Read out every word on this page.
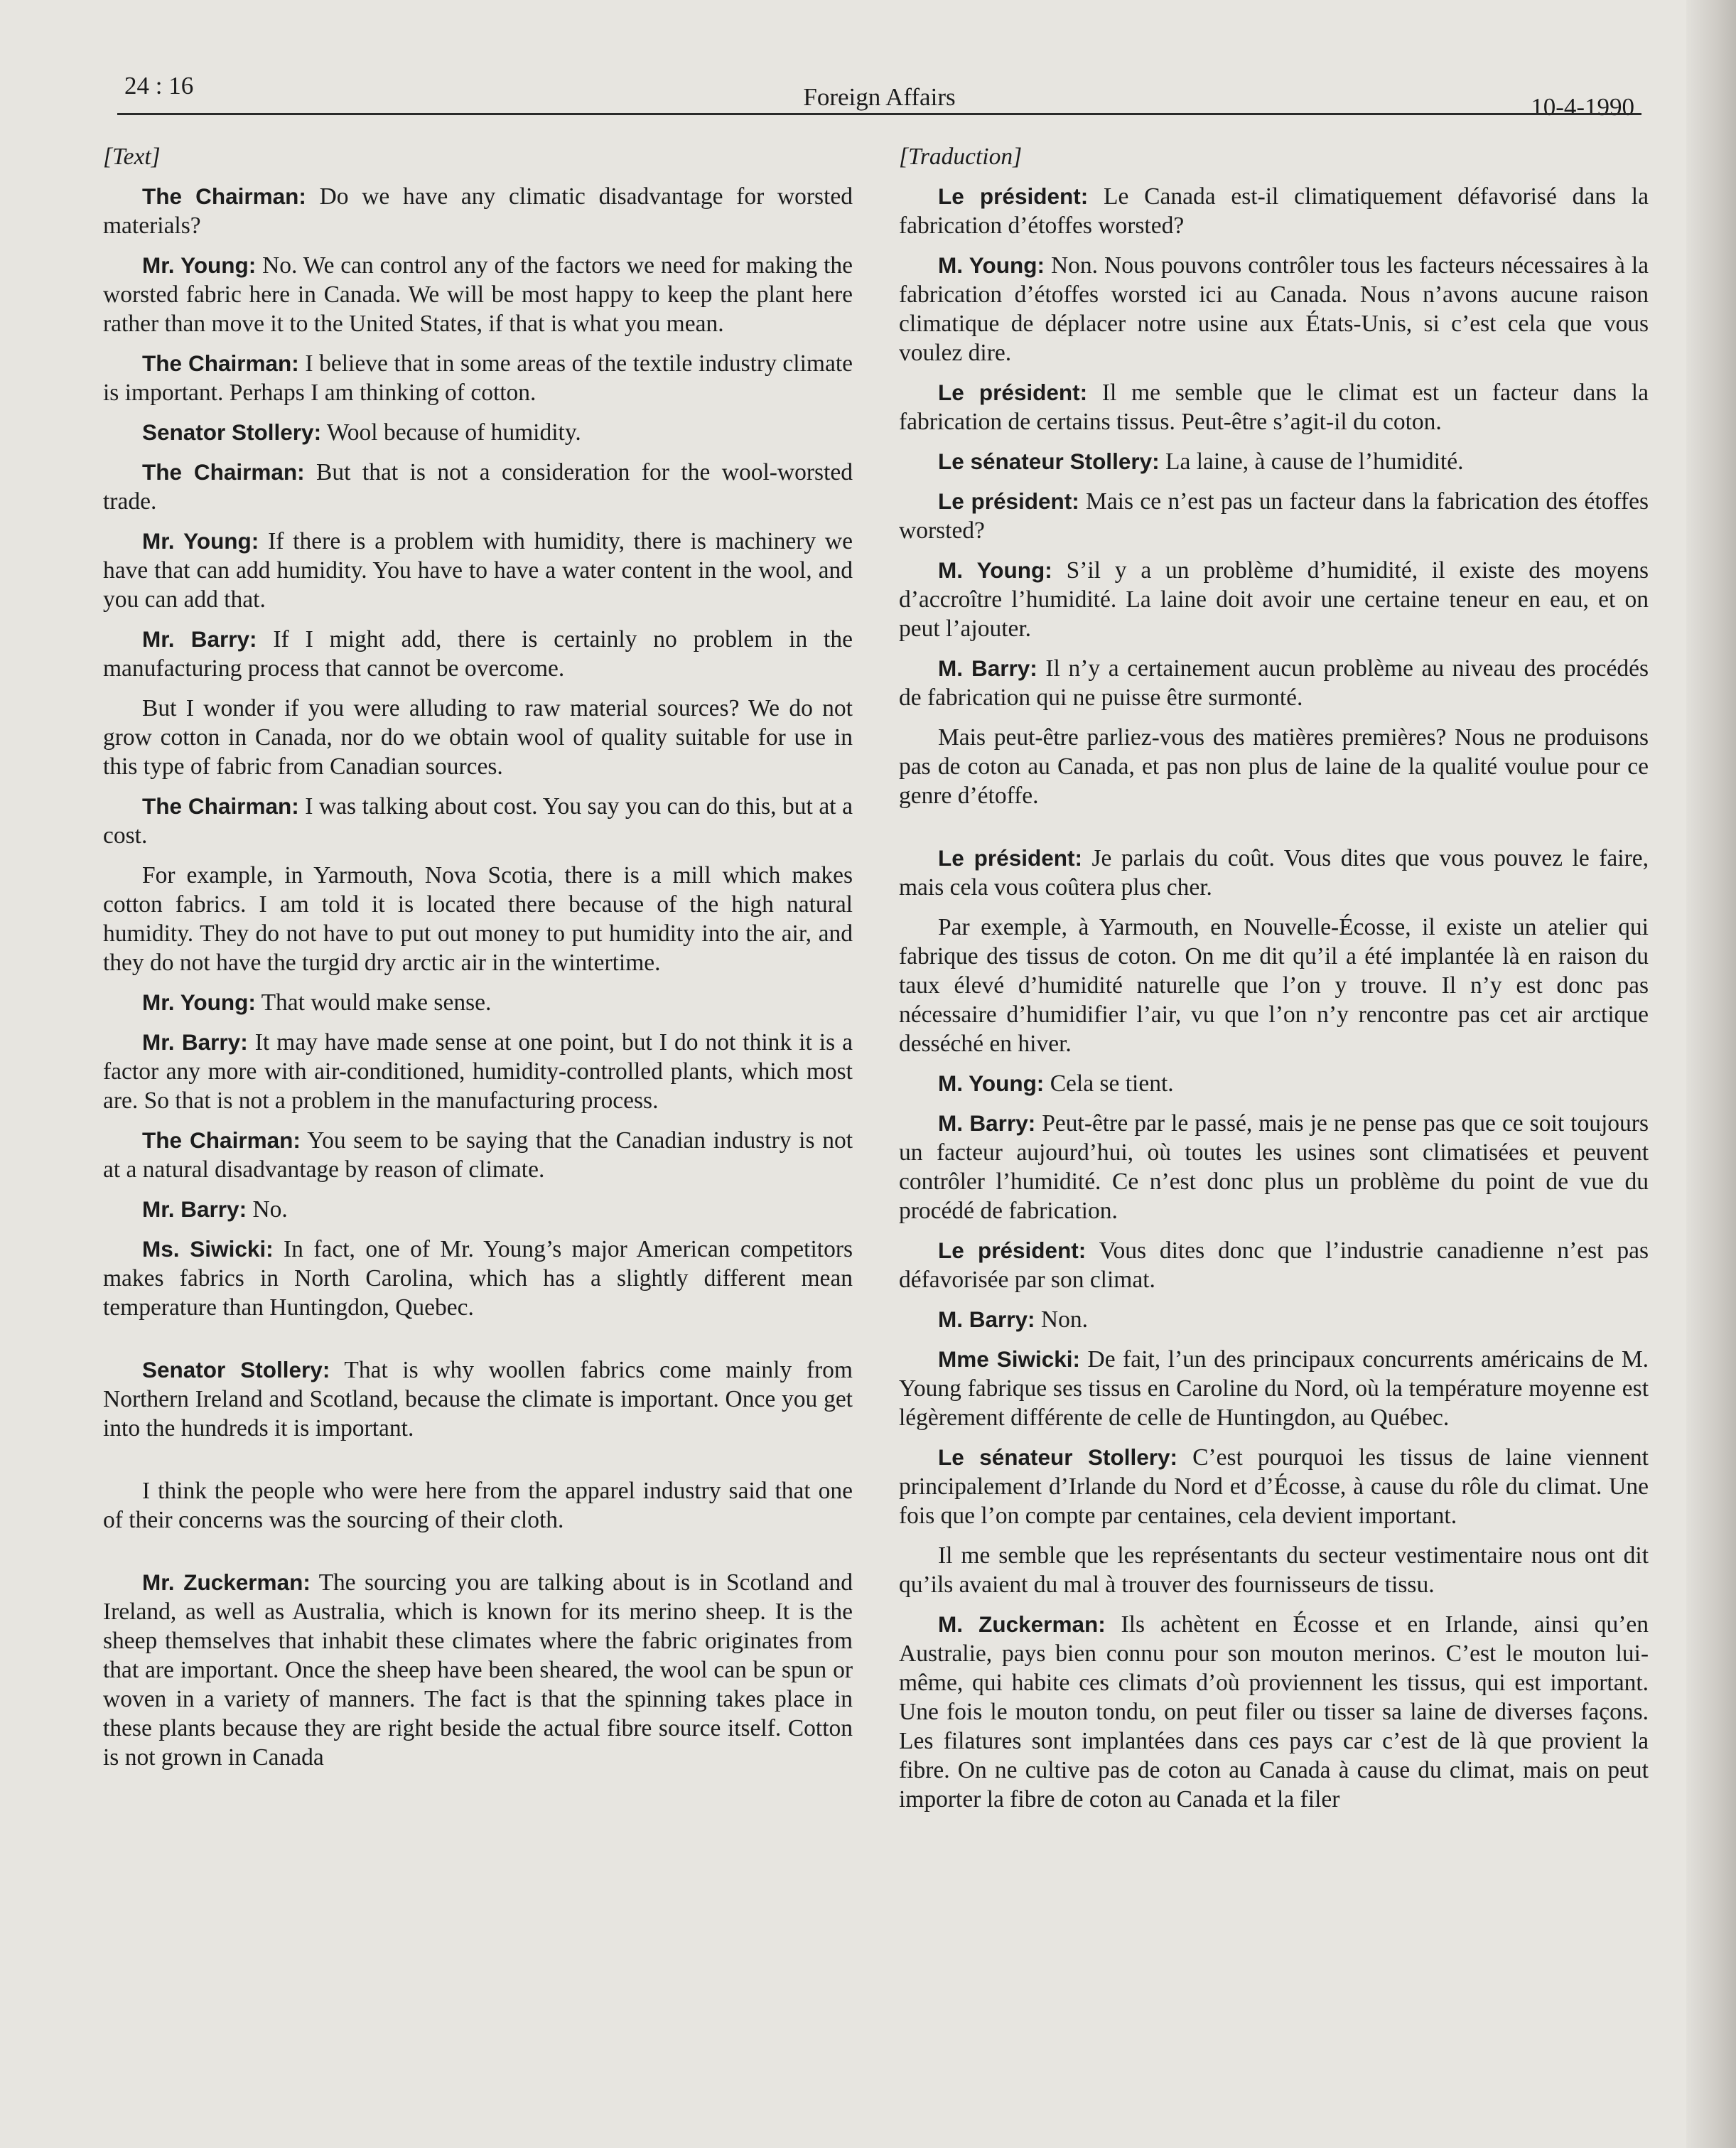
24 : 16	Foreign Affairs	10-4-1990

[Text]

The Chairman: Do we have any climatic disadvantage for worsted materials?

Mr. Young: No. We can control any of the factors we need for making the worsted fabric here in Canada. We will be most happy to keep the plant here rather than move it to the United States, if that is what you mean.

The Chairman: I believe that in some areas of the textile industry climate is important. Perhaps I am thinking of cotton.

Senator Stollery: Wool because of humidity.

The Chairman: But that is not a consideration for the wool-worsted trade.

Mr. Young: If there is a problem with humidity, there is machinery we have that can add humidity. You have to have a water content in the wool, and you can add that.

Mr. Barry: If I might add, there is certainly no problem in the manufacturing process that cannot be overcome.

But I wonder if you were alluding to raw material sources? We do not grow cotton in Canada, nor do we obtain wool of quality suitable for use in this type of fabric from Canadian sources.

The Chairman: I was talking about cost. You say you can do this, but at a cost.

For example, in Yarmouth, Nova Scotia, there is a mill which makes cotton fabrics. I am told it is located there because of the high natural humidity. They do not have to put out money to put humidity into the air, and they do not have the turgid dry arctic air in the wintertime.

Mr. Young: That would make sense.

Mr. Barry: It may have made sense at one point, but I do not think it is a factor any more with air-conditioned, humidity-controlled plants, which most are. So that is not a problem in the manufacturing process.

The Chairman: You seem to be saying that the Canadian industry is not at a natural disadvantage by reason of climate.

Mr. Barry: No.

Ms. Siwicki: In fact, one of Mr. Young’s major American competitors makes fabrics in North Carolina, which has a slightly different mean temperature than Huntingdon, Quebec.

Senator Stollery: That is why woollen fabrics come mainly from Northern Ireland and Scotland, because the climate is important. Once you get into the hundreds it is important.

I think the people who were here from the apparel industry said that one of their concerns was the sourcing of their cloth.

Mr. Zuckerman: The sourcing you are talking about is in Scotland and Ireland, as well as Australia, which is known for its merino sheep. It is the sheep themselves that inhabit these climates where the fabric originates from that are important. Once the sheep have been sheared, the wool can be spun or woven in a variety of manners. The fact is that the spinning takes place in these plants because they are right beside the actual fibre source itself. Cotton is not grown in Canada

[Traduction]

Le président: Le Canada est-il climatiquement défavorisé dans la fabrication d’étoffes worsted?

M. Young: Non. Nous pouvons contrôler tous les facteurs nécessaires à la fabrication d’étoffes worsted ici au Canada. Nous n’avons aucune raison climatique de déplacer notre usine aux États-Unis, si c’est cela que vous voulez dire.

Le président: Il me semble que le climat est un facteur dans la fabrication de certains tissus. Peut-être s’agit-il du coton.

Le sénateur Stollery: La laine, à cause de l’humidité.

Le président: Mais ce n’est pas un facteur dans la fabrication des étoffes worsted?

M. Young: S’il y a un problème d’humidité, il existe des moyens d’accroître l’humidité. La laine doit avoir une certaine teneur en eau, et on peut l’ajouter.

M. Barry: Il n’y a certainement aucun problème au niveau des procédés de fabrication qui ne puisse être surmonté.

Mais peut-être parliez-vous des matières premières? Nous ne produisons pas de coton au Canada, et pas non plus de laine de la qualité voulue pour ce genre d’étoffe.

Le président: Je parlais du coût. Vous dites que vous pouvez le faire, mais cela vous coûtera plus cher.

Par exemple, à Yarmouth, en Nouvelle-Écosse, il existe un atelier qui fabrique des tissus de coton. On me dit qu’il a été implantée là en raison du taux élevé d’humidité naturelle que l’on y trouve. Il n’y est donc pas nécessaire d’humidifier l’air, vu que l’on n’y rencontre pas cet air arctique desséché en hiver.

M. Young: Cela se tient.

M. Barry: Peut-être par le passé, mais je ne pense pas que ce soit toujours un facteur aujourd’hui, où toutes les usines sont climatisées et peuvent contrôler l’humidité. Ce n’est donc plus un problème du point de vue du procédé de fabrication.

Le président: Vous dites donc que l’industrie canadienne n’est pas défavorisée par son climat.

M. Barry: Non.

Mme Siwicki: De fait, l’un des principaux concurrents américains de M. Young fabrique ses tissus en Caroline du Nord, où la température moyenne est légèrement différente de celle de Huntingdon, au Québec.

Le sénateur Stollery: C’est pourquoi les tissus de laine viennent principalement d’Irlande du Nord et d’Écosse, à cause du rôle du climat. Une fois que l’on compte par centaines, cela devient important.

Il me semble que les représentants du secteur vestimentaire nous ont dit qu’ils avaient du mal à trouver des fournisseurs de tissu.

M. Zuckerman: Ils achètent en Écosse et en Irlande, ainsi qu’en Australie, pays bien connu pour son mouton merinos. C’est le mouton lui-même, qui habite ces climats d’où proviennent les tissus, qui est important. Une fois le mouton tondu, on peut filer ou tisser sa laine de diverses façons. Les filatures sont implantées dans ces pays car c’est de là que provient la fibre. On ne cultive pas de coton au Canada à cause du climat, mais on peut importer la fibre de coton au Canada et la filer
